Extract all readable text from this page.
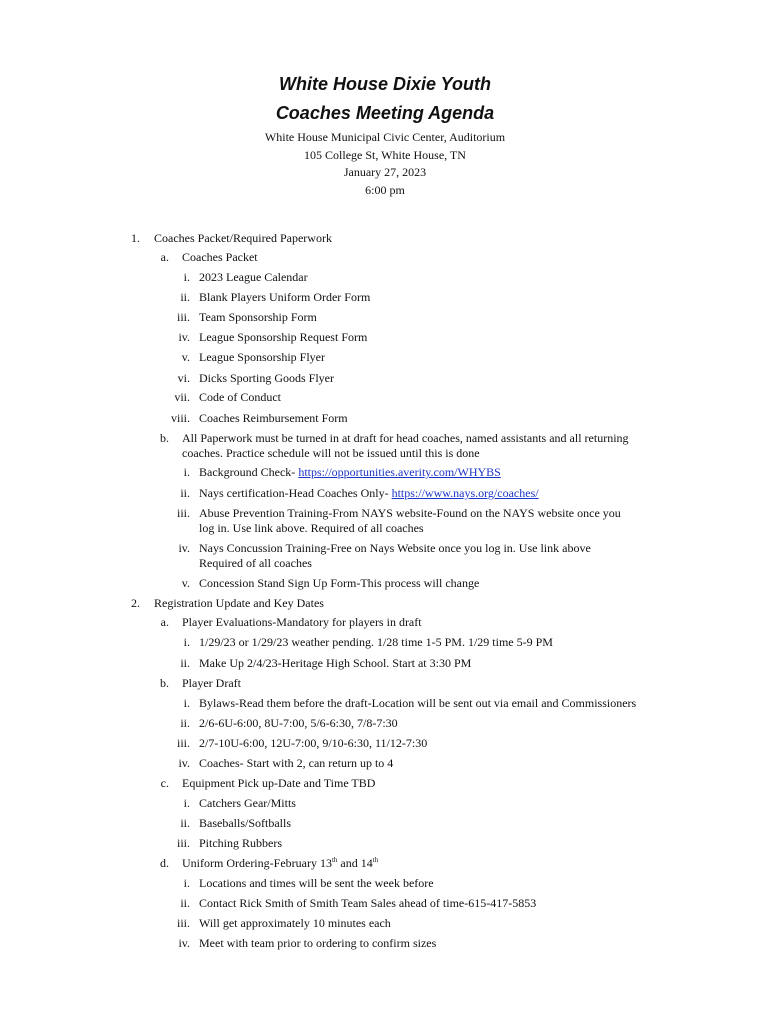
White House Dixie Youth
Coaches Meeting Agenda
White House Municipal Civic Center, Auditorium
105 College St, White House, TN
January 27, 2023
6:00 pm
1. Coaches Packet/Required Paperwork
a. Coaches Packet
i. 2023 League Calendar
ii. Blank Players Uniform Order Form
iii. Team Sponsorship Form
iv. League Sponsorship Request Form
v. League Sponsorship Flyer
vi. Dicks Sporting Goods Flyer
vii. Code of Conduct
viii. Coaches Reimbursement Form
b. All Paperwork must be turned in at draft for head coaches, named assistants and all returning
coaches. Practice schedule will not be issued until this is done
i. Background Check- https://opportunities.averity.com/WHYBS
ii. Nays certification-Head Coaches Only- https://www.nays.org/coaches/
iii. Abuse Prevention Training-From NAYS website-Found on the NAYS website once you
log in. Use link above. Required of all coaches
iv. Nays Concussion Training-Free on Nays Website once you log in. Use link above
Required of all coaches
v. Concession Stand Sign Up Form-This process will change
2. Registration Update and Key Dates
a. Player Evaluations-Mandatory for players in draft
i. 1/29/23 or 1/29/23 weather pending. 1/28 time 1-5 PM. 1/29 time 5-9 PM
ii. Make Up 2/4/23-Heritage High School. Start at 3:30 PM
b. Player Draft
i. Bylaws-Read them before the draft-Location will be sent out via email and Commissioners
ii. 2/6-6U-6:00, 8U-7:00, 5/6-6:30, 7/8-7:30
iii. 2/7-10U-6:00, 12U-7:00, 9/10-6:30, 11/12-7:30
iv. Coaches- Start with 2, can return up to 4
c. Equipment Pick up-Date and Time TBD
i. Catchers Gear/Mitts
ii. Baseballs/Softballs
iii. Pitching Rubbers
d. Uniform Ordering-February 13th and 14th
i. Locations and times will be sent the week before
ii. Contact Rick Smith of Smith Team Sales ahead of time-615-417-5853
iii. Will get approximately 10 minutes each
iv. Meet with team prior to ordering to confirm sizes
